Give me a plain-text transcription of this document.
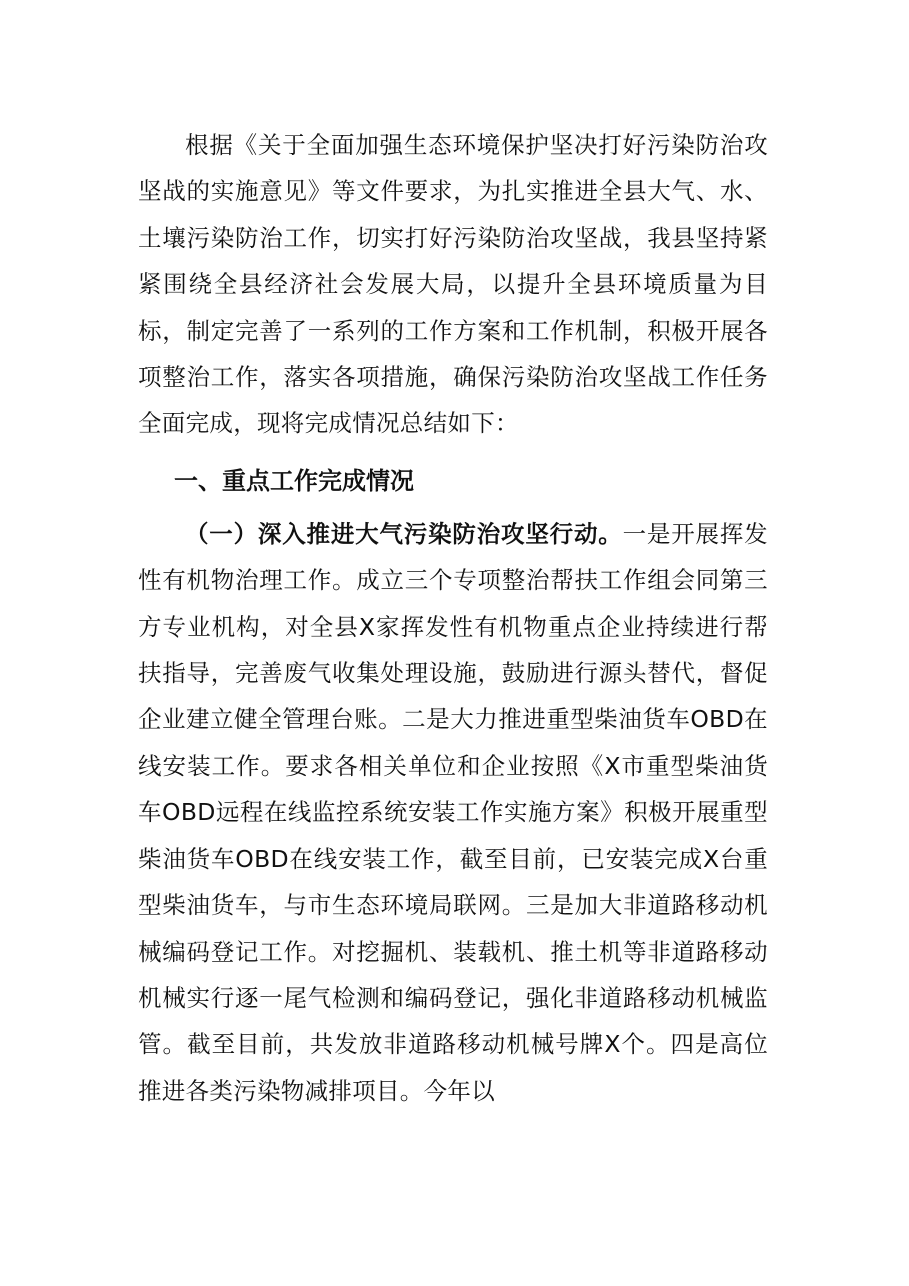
根据《关于全面加强生态环境保护坚决打好污染防治攻坚战的实施意见》等文件要求，为扎实推进全县大气、水、土壤污染防治工作，切实打好污染防治攻坚战，我县坚持紧紧围绕全县经济社会发展大局，以提升全县环境质量为目标，制定完善了一系列的工作方案和工作机制，积极开展各项整治工作，落实各项措施，确保污染防治攻坚战工作任务全面完成，现将完成情况总结如下：

一、重点工作完成情况

（一）深入推进大气污染防治攻坚行动。一是开展挥发性有机物治理工作。成立三个专项整治帮扶工作组会同第三方专业机构，对全县X家挥发性有机物重点企业持续进行帮扶指导，完善废气收集处理设施，鼓励进行源头替代，督促企业建立健全管理台账。二是大力推进重型柴油货车OBD在线安装工作。要求各相关单位和企业按照《X市重型柴油货车OBD远程在线监控系统安装工作实施方案》积极开展重型柴油货车OBD在线安装工作，截至目前，已安装完成X台重型柴油货车，与市生态环境局联网。三是加大非道路移动机械编码登记工作。对挖掘机、装载机、推土机等非道路移动机械实行逐一尾气检测和编码登记，强化非道路移动机械监管。截至目前，共发放非道路移动机械号牌X个。四是高位推进各类污染物减排项目。今年以
